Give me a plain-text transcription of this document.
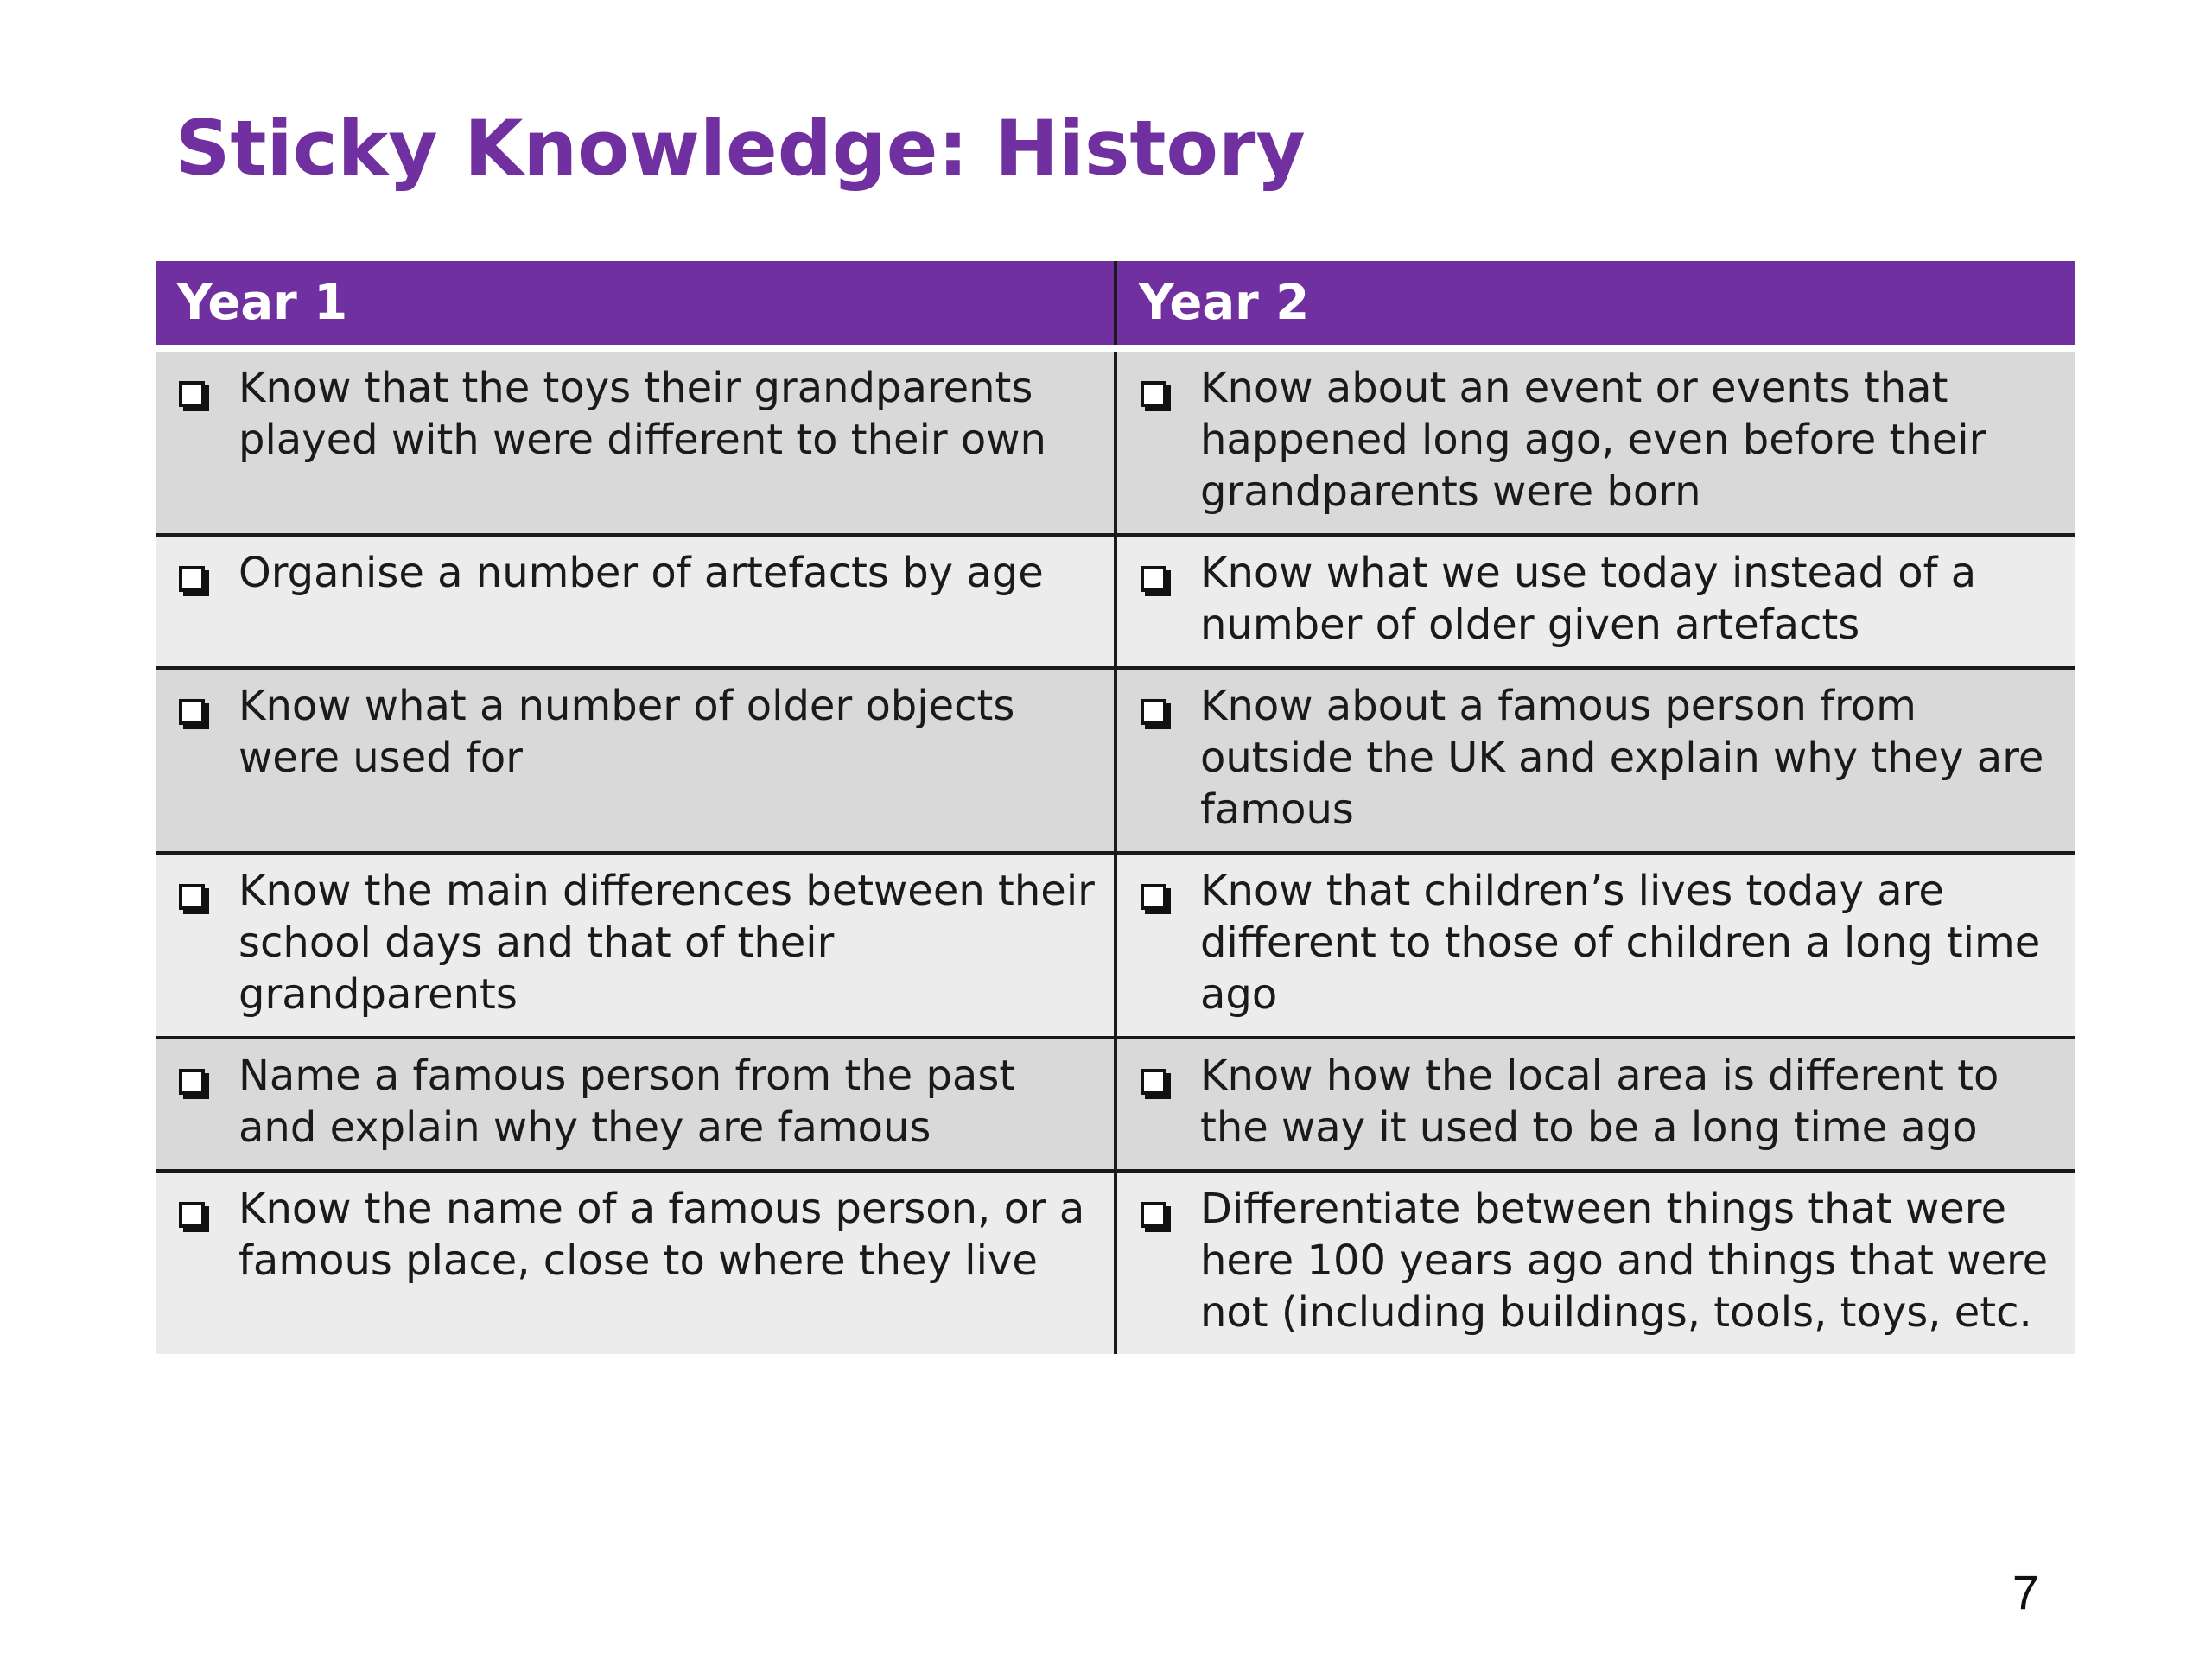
Sticky Knowledge: History
Year 1	Year 2

Know that the toys their grandparents played with were different to their own	Know about an event or events that happened long ago, even before their grandparents were born

Organise a number of artefacts by age	Know what we use today instead of a number of older given artefacts

Know what a number of older objects were used for	Know about a famous person from outside the UK and explain why they are famous

Know the main differences between their school days and that of their grandparents	Know that children’s lives today are different to those of children a long time ago

Name a famous person from the past and explain why they are famous	Know how the local area is different to the way it used to be a long time ago

Know the name of a famous person, or a famous place, close to where they live	Differentiate between things that were here 100 years ago and things that were not (including buildings, tools, toys, etc.
7
